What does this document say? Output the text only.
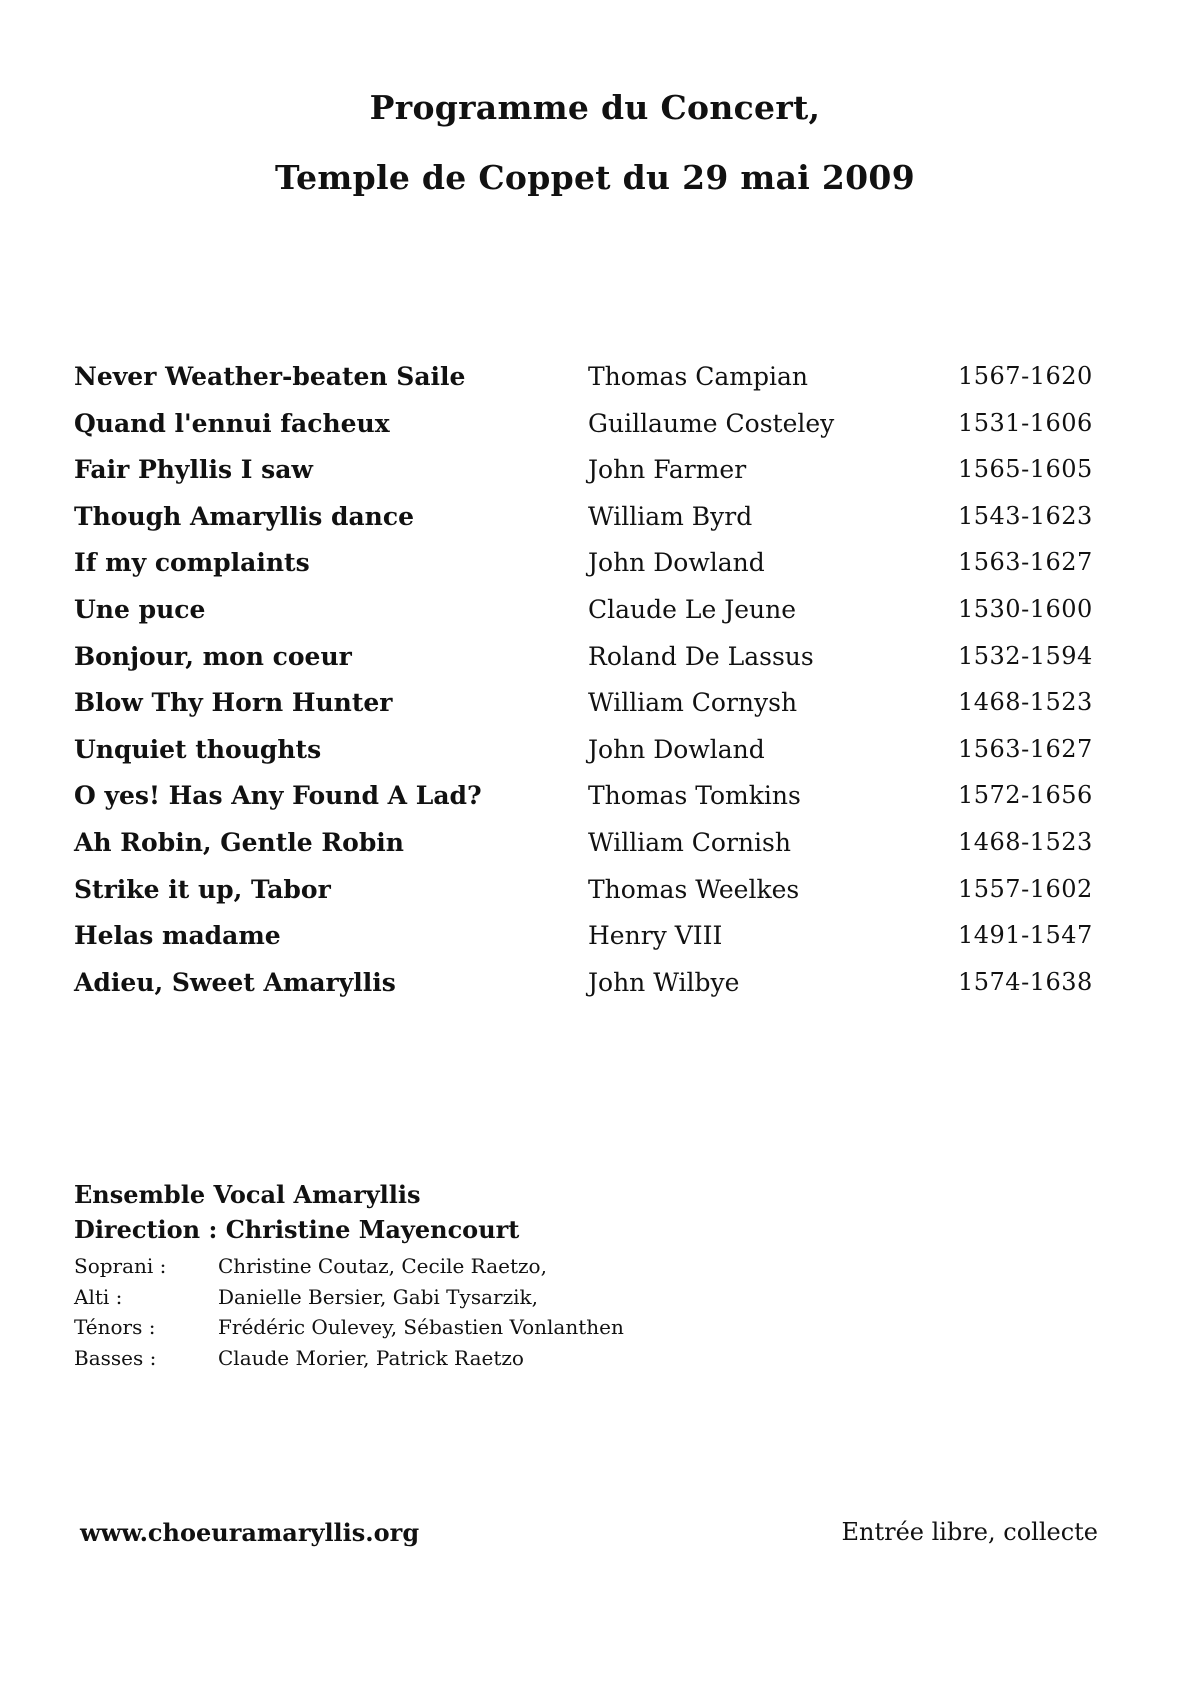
Programme du Concert,
Temple de Coppet du 29 mai 2009
Never Weather-beaten Saile	Thomas Campian	1567-1620
Quand l'ennui facheux	Guillaume Costeley	1531-1606
Fair Phyllis I saw	John Farmer	1565-1605
Though Amaryllis dance	William Byrd	1543-1623
If my complaints	John Dowland	1563-1627
Une puce	Claude Le Jeune	1530-1600
Bonjour, mon coeur	Roland De Lassus	1532-1594
Blow Thy Horn Hunter	William Cornysh	1468-1523
Unquiet thoughts	John Dowland	1563-1627
O yes! Has Any Found A Lad?	Thomas Tomkins	1572-1656
Ah Robin, Gentle Robin	William Cornish	1468-1523
Strike it up, Tabor	Thomas Weelkes	1557-1602
Helas madame	Henry VIII	1491-1547
Adieu, Sweet Amaryllis	John Wilbye	1574-1638
Ensemble Vocal Amaryllis
Direction : Christine Mayencourt
Soprani :	Christine Coutaz, Cecile Raetzo,
Alti :	Danielle Bersier, Gabi Tysarzik,
Ténors :	Frédéric Oulevey, Sébastien Vonlanthen
Basses :	Claude Morier, Patrick Raetzo
www.choeuramaryllis.org	Entrée libre, collecte
